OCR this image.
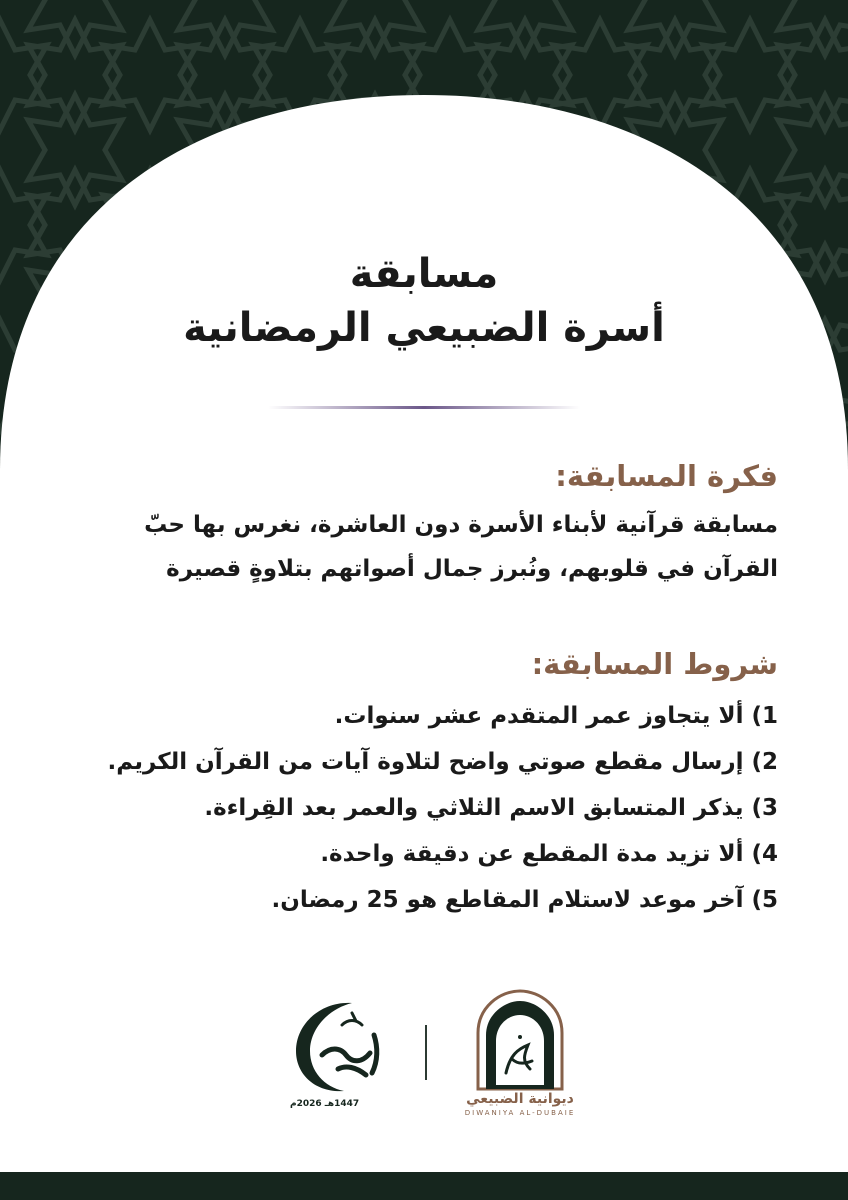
مسابقة
أسرة الضبيعي الرمضانية
فكرة المسابقة:
مسابقة قرآنية لأبناء الأسرة دون العاشرة، نغرس بها حبّ
القرآن في قلوبهم، ونُبرز جمال أصواتهم بتلاوةٍ قصيرة
شروط المسابقة:
1) ألا يتجاوز عمر المتقدم عشر سنوات.
2) إرسال مقطع صوتي واضح لتلاوة آيات من القرآن الكريم.
3) يذكر المتسابق الاسم الثلاثي والعمر بعد القِراءة.
4) ألا تزيد مدة المقطع عن دقيقة واحدة.
5) آخر موعد لاستلام المقاطع هو 25 رمضان.
ديوانية الضبيعي
DIWANIYA AL-DUBAIE
1447هـ 2026م
